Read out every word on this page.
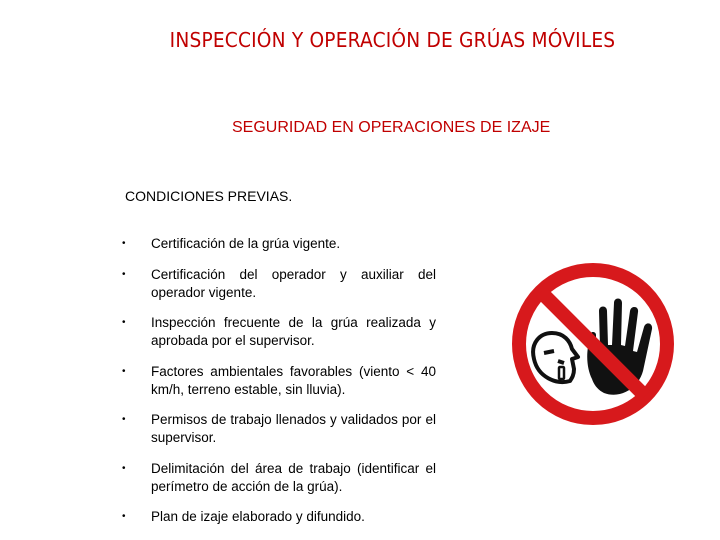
INSPECCIÓN Y OPERACIÓN DE GRÚAS MÓVILES
SEGURIDAD EN OPERACIONES DE IZAJE
CONDICIONES PREVIAS.
• Certificación de la grúa vigente.
• Certificación del operador y auxiliar del operador vigente.
• Inspección frecuente de la grúa realizada y aprobada por el supervisor.
• Factores ambientales favorables (viento < 40 km/h, terreno estable, sin lluvia).
• Permisos de trabajo llenados y validados por el supervisor.
• Delimitación del área de trabajo (identificar el perímetro de acción de la grúa).
• Plan de izaje elaborado y difundido.
